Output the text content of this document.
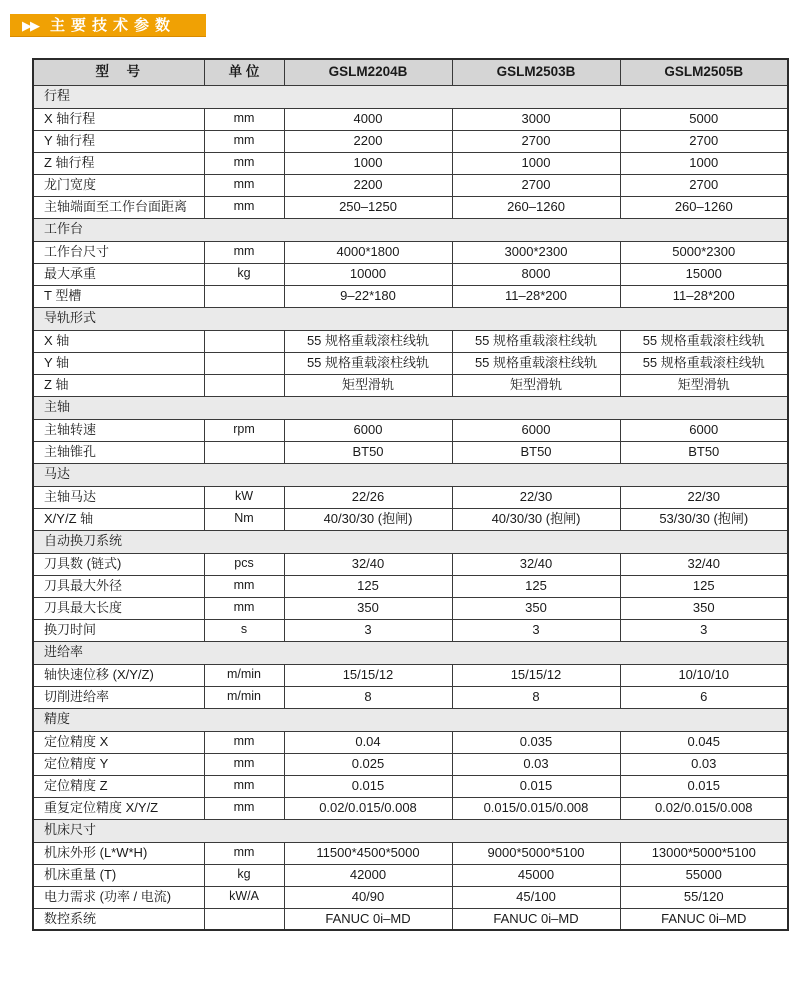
▶▶ 主要技术参数
型　号	单 位	GSLM2204B	GSLM2503B	GSLM2505B
行程				
X 轴行程	mm	4000	3000	5000
Y 轴行程	mm	2200	2700	2700
Z 轴行程	mm	1000	1000	1000
龙门宽度	mm	2200	2700	2700
主轴端面至工作台面距离	mm	250–1250	260–1260	260–1260
工作台				
工作台尺寸	mm	4000*1800	3000*2300	5000*2300
最大承重	kg	10000	8000	15000
T 型槽		9–22*180	11–28*200	11–28*200
导轨形式				
X 轴		55 规格重载滚柱线轨	55 规格重载滚柱线轨	55 规格重载滚柱线轨
Y 轴		55 规格重载滚柱线轨	55 规格重载滚柱线轨	55 规格重载滚柱线轨
Z 轴		矩型滑轨	矩型滑轨	矩型滑轨
主轴				
主轴转速	rpm	6000	6000	6000
主轴锥孔		BT50	BT50	BT50
马达				
主轴马达	kW	22/26	22/30	22/30
X/Y/Z 轴	Nm	40/30/30 (抱闸)	40/30/30 (抱闸)	53/30/30 (抱闸)
自动换刀系统				
刀具数 (链式)	pcs	32/40	32/40	32/40
刀具最大外径	mm	125	125	125
刀具最大长度	mm	350	350	350
换刀时间	s	3	3	3
进给率				
轴快速位移 (X/Y/Z)	m/min	15/15/12	15/15/12	10/10/10
切削进给率	m/min	8	8	6
精度				
定位精度 X	mm	0.04	0.035	0.045
定位精度 Y	mm	0.025	0.03	0.03
定位精度 Z	mm	0.015	0.015	0.015
重复定位精度 X/Y/Z	mm	0.02/0.015/0.008	0.015/0.015/0.008	0.02/0.015/0.008
机床尺寸				
机床外形 (L*W*H)	mm	11500*4500*5000	9000*5000*5100	13000*5000*5100
机床重量 (T)	kg	42000	45000	55000
电力需求 (功率 / 电流)	kW/A	40/90	45/100	55/120
数控系统		FANUC 0i–MD	FANUC 0i–MD	FANUC 0i–MD
